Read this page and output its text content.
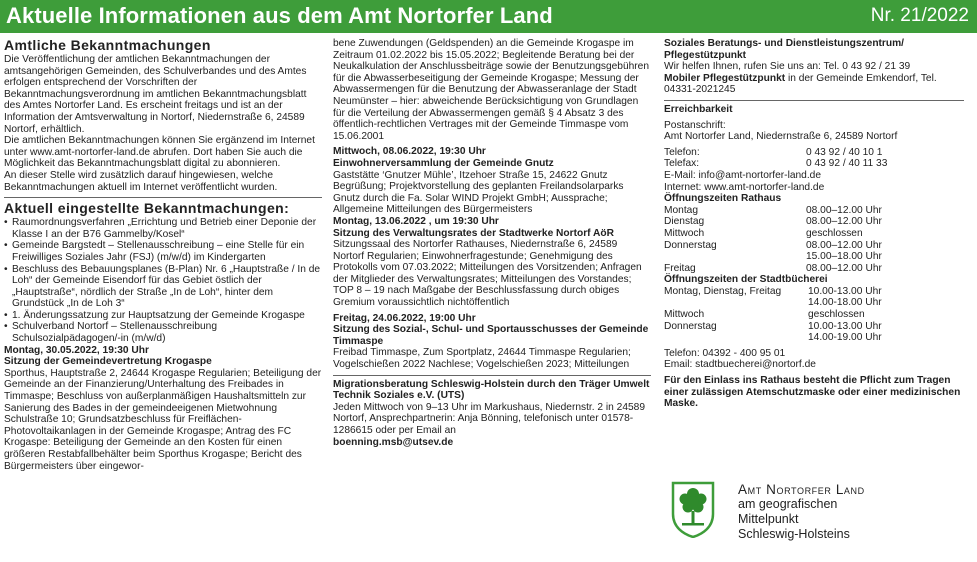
Aktuelle Informationen aus dem Amt Nortorfer Land	Nr. 21/2022

Amtliche Bekanntmachungen

Die Veröffentlichung der amtlichen Bekanntmachungen der amtsangehörigen Gemeinden, des Schulverbandes und des Amtes erfolgen entsprechend der Vorschriften der Bekanntmachungsverordnung im amtlichen Bekanntmachungsblatt des Amtes Nortorfer Land. Es erscheint freitags und ist an der Information der Amtsverwaltung in Nortorf, Niedernstraße 6, 24589 Nortorf, erhältlich.

Die amtlichen Bekanntmachungen können Sie ergänzend im Internet unter www.amt-nortorfer-land.de abrufen. Dort haben Sie auch die Möglichkeit das Bekanntmachungsblatt digital zu abonnieren.

An dieser Stelle wird zusätzlich darauf hingewiesen, welche Bekanntmachungen aktuell im Internet veröffentlicht wurden.

Aktuell eingestellte Bekanntmachungen:

• Raumordnungsverfahren „Errichtung und Betrieb einer Deponie der Klasse I an der B76 Gammelby/Kosel“
• Gemeinde Bargstedt – Stellenausschreibung – eine Stelle für ein Freiwilliges Soziales Jahr (FSJ) (m/w/d) im Kindergarten
• Beschluss des Bebauungsplanes (B-Plan) Nr. 6 „Hauptstraße / In de Loh“ der Gemeinde Eisendorf für das Gebiet östlich der „Hauptstraße“, nördlich der Straße „In de Loh“, hinter dem Grundstück „In de Loh 3“
• 1. Änderungssatzung zur Hauptsatzung der Gemeinde Krogaspe
• Schulverband Nortorf – Stellenausschreibung Schulsozialpädagogen/-in (m/w/d)

Montag, 30.05.2022, 19:30 Uhr

Sitzung der Gemeindevertretung Krogaspe

Sporthus, Hauptstraße 2, 24644 Krogaspe Regularien; Beteiligung der Gemeinde an der Finanzierung/Unterhaltung des Freibades in Timmaspe; Beschluss von außerplanmäßigen Haushaltsmitteln zur Sanierung des Bades in der gemeindeeigenen Mietwohnung Schulstraße 10; Grundsatzbeschluss für Freiflächen-Photovoltaikanlagen in der Gemeinde Krogaspe; Antrag des FC Krogaspe: Beteiligung der Gemeinde an den Kosten für einen größeren Restabfallbehälter beim Sporthus Krogaspe; Bericht des Bürgermeisters über eingewor-

bene Zuwendungen (Geldspenden) an die Gemeinde Krogaspe im Zeitraum 01.02.2022 bis 15.05.2022; Begleitende Beratung bei der Neukalkulation der Anschlussbeiträge sowie der Benutzungsgebühren für die Abwasserbeseitigung der Gemeinde Krogaspe; Messung der Abwassermengen für die Benutzung der Abwasseranlage der Stadt Neumünster – hier: abweichende Berücksichtigung von Grundlagen für die Verteilung der Abwassermengen gemäß § 4 Absatz 3 des öffentlich-rechtlichen Vertrages mit der Gemeinde Timmaspe vom 15.06.2001

Mittwoch, 08.06.2022, 19:30 Uhr

Einwohnerversammlung der Gemeinde Gnutz

Gaststätte ‘Gnutzer Mühle’, Itzehoer Straße 15, 24622 Gnutz Begrüßung; Projektvorstellung des geplanten Freilandsolarparks Gnutz durch die Fa. Solar WIND Projekt GmbH; Aussprache; Allgemeine Mitteilungen des Bürgermeisters

Montag, 13.06.2022 , um 19:30 Uhr

Sitzung des Verwaltungsrates der Stadtwerke Nortorf AöR

Sitzungssaal des Nortorfer Rathauses, Niedernstraße 6, 24589 Nortorf Regularien; Einwohnerfragestunde; Genehmigung des Protokolls vom 07.03.2022; Mitteilungen des Vorsitzenden; Anfragen der Mitglieder des Verwaltungsrates; Mitteilungen des Vorstandes; TOP 8 – 19 nach Maßgabe der Beschlussfassung durch obiges Gremium voraussichtlich nichtöffentlich

Freitag, 24.06.2022, 19:00 Uhr

Sitzung des Sozial-, Schul- und Sportausschusses der Gemeinde Timmaspe

Freibad Timmaspe, Zum Sportplatz, 24644 Timmaspe Regularien; Vogelschießen 2022 Nachlese; Vogelschießen 2023; Mitteilungen

Migrationsberatung Schleswig-Holstein durch den Träger Umwelt Technik Soziales e.V. (UTS)

Jeden Mittwoch von 9–13 Uhr im Markushaus, Niedernstr. 2 in 24589 Nortorf, Ansprechpartnerin: Anja Bönning, telefonisch unter 01578-1286615 oder per Email an

boenning.msb@utsev.de

Soziales Beratungs- und Dienstleistungszentrum/ Pflegestützpunkt

Wir helfen Ihnen, rufen Sie uns an: Tel. 0 43 92 / 21 39

Mobiler Pflegestützpunkt in der Gemeinde Emkendorf, Tel. 04331-2021245

Erreichbarkeit

Postanschrift:

Amt Nortorfer Land, Niedernstraße 6, 24589 Nortorf

Telefon:	0 43 92 / 40 10 1
Telefax:	0 43 92 / 40 11 33

E-Mail: info@amt-nortorfer-land.de

Internet: www.amt-nortorfer-land.de

Öffnungszeiten Rathaus

Montag	08.00–12.00 Uhr
Dienstag	08.00–12.00 Uhr
Mittwoch	geschlossen
Donnerstag	08.00–12.00 Uhr
15.00–18.00 Uhr
Freitag	08.00–12.00 Uhr

Öffnungszeiten der Stadtbücherei

Montag, Dienstag, Freitag	10.00-13.00 Uhr
14.00-18.00 Uhr
Mittwoch	geschlossen
Donnerstag	10.00-13.00 Uhr
14.00-19.00 Uhr

Telefon: 04392 - 400 95 01

Email: stadtbuecherei@nortorf.de

Für den Einlass ins Rathaus besteht die Pflicht zum Tragen einer zulässigen Atemschutzmaske oder einer medizinischen Maske.

Amt Nortorfer Land
am geografischen
Mittelpunkt
Schleswig-Holsteins
